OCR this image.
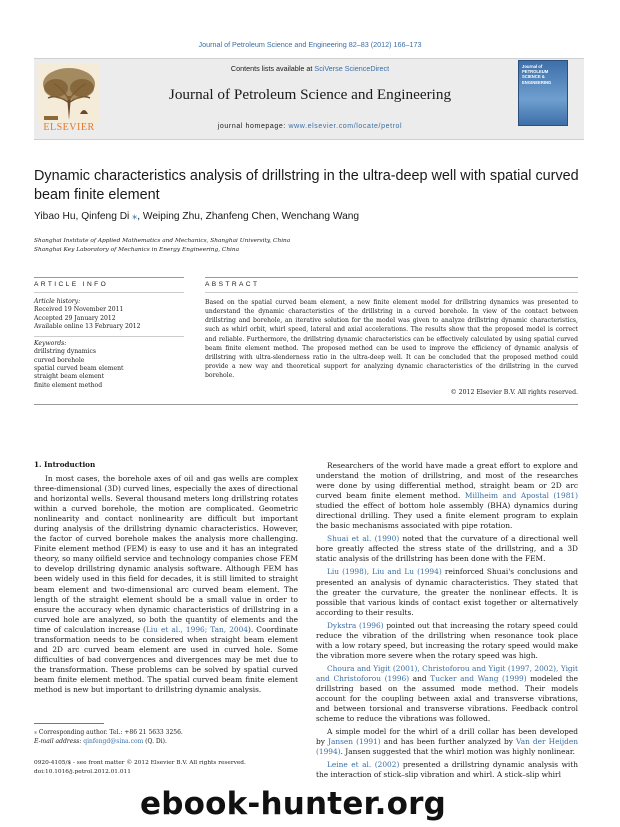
Journal of Petroleum Science and Engineering 82–83 (2012) 166–173
ELSEVIER
Contents lists available at SciVerse ScienceDirect
Journal of Petroleum Science and Engineering
journal homepage: www.elsevier.com/locate/petrol
Journal of PETROLEUM SCIENCE & ENGINEERING
Dynamic characteristics analysis of drillstring in the ultra-deep well with spatial curved beam finite element
Yibao Hu, Qinfeng Di ⁎, Weiping Zhu, Zhanfeng Chen, Wenchang Wang
Shanghai Institute of Applied Mathematics and Mechanics, Shanghai University, China
Shanghai Key Laboratory of Mechanics in Energy Engineering, China
ARTICLE INFO	ABSTRACT
Article history:
Received 19 November 2011
Accepted 29 January 2012
Available online 13 February 2012
Keywords:
drillstring dynamics
curved borehole
spatial curved beam element
straight beam element
finite element method
Based on the spatial curved beam element, a new finite element model for drillstring dynamics was presented to understand the dynamic characteristics of the drillstring in a curved borehole. In view of the contact between drillstring and borehole, an iterative solution for the model was given to analyze drillstring dynamic characteristics, such as whirl orbit, whirl speed, lateral and axial accelerations. The results show that the proposed model is correct and reliable. Furthermore, the drillstring dynamic characteristics can be effectively calculated by using spatial curved beam finite element method. The proposed method can be used to improve the efficiency of dynamic analysis of drillstring with ultra-slenderness ratio in the ultra-deep well. It can be concluded that the proposed method could provide a new way and theoretical support for analyzing dynamic characteristics of the drillstring in the curved borehole.
© 2012 Elsevier B.V. All rights reserved.
1. Introduction

In most cases, the borehole axes of oil and gas wells are complex three-dimensional (3D) curved lines, especially the axes of directional and horizontal wells. Several thousand meters long drillstring rotates within a curved borehole, the motion are complicated. Geometric nonlinearity and contact nonlinearity are difficult but important during analysis of the drillstring dynamic characteristics. However, the factor of curved borehole makes the analysis more challenging. Finite element method (FEM) is easy to use and it has an integrated theory, so many oilfield service and technology companies chose FEM to develop drillstring dynamic analysis software. Although FEM has been widely used in this field for decades, it is still limited to straight beam element and two-dimensional arc curved beam element. The length of the straight element should be a small value in order to ensure the accuracy when dynamic characteristics of drillstring in a curved hole are analyzed, so both the quantity of elements and the time of calculation increase (Liu et al., 1996; Tan, 2004). Coordinate transformation needs to be considered when straight beam element and 2D arc curved beam element are used in curved hole. Some difficulties of bad convergences and divergences may be met due to the transformation. These problems can be solved by spatial curved beam finite element method. The spatial curved beam finite element method is new but important to drillstring dynamic analysis.

Researchers of the world have made a great effort to explore and understand the motion of drillstring, and most of the researches were done by using differential method, straight beam or 2D arc curved beam finite element method. Millheim and Apostal (1981) studied the effect of bottom hole assembly (BHA) dynamics during directional drilling. They used a finite element program to explain the basic mechanisms associated with pipe rotation.

Shuai et al. (1990) noted that the curvature of a directional well bore greatly affected the stress state of the drillstring, and a 3D static analysis of the drillstring has been done with the FEM.

Liu (1998), Liu and Lu (1994) reinforced Shuai's conclusions and presented an analysis of dynamic characteristics. They stated that the greater the curvature, the greater the nonlinear effects. It is possible that various kinds of contact exist together or alternatively according to their results.

Dykstra (1996) pointed out that increasing the rotary speed could reduce the vibration of the drillstring when resonance took place with a low rotary speed, but increasing the rotary speed would make the vibration more severe when the rotary speed was high.

Choura and Yigit (2001), Christoforou and Yigit (1997, 2002), Yigit and Christoforou (1996) and Tucker and Wang (1999) modeled the drillstring based on the assumed mode method. Their models account for the coupling between axial and transverse vibrations, and between torsional and transverse vibrations. Feedback control scheme to reduce the vibrations was followed.

A simple model for the whirl of a drill collar has been developed by Jansen (1991) and has been further analyzed by Van der Heijden (1994). Jansen suggested that the whirl motion was highly nonlinear.

Leine et al. (2002) presented a drillstring dynamic analysis with the interaction of stick–slip vibration and whirl. A stick–slip whirl

⁎ Corresponding author. Tel.: +86 21 5633 3256.
E-mail address: qinfengd@sina.com (Q. Di).
0920-4105/$ - see front matter © 2012 Elsevier B.V. All rights reserved.
doi:10.1016/j.petrol.2012.01.011
ebook-hunter.org
